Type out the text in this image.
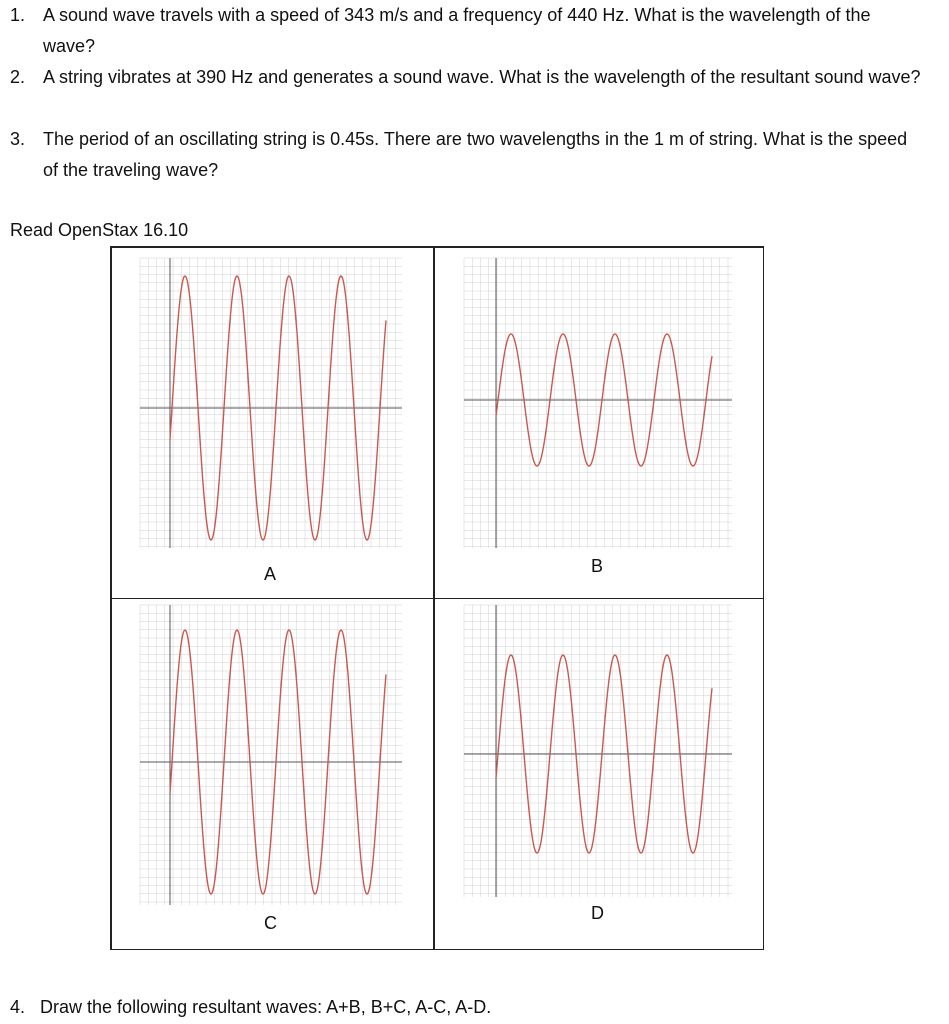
1. A sound wave travels with a speed of 343 m/s and a frequency of 440 Hz. What is the wavelength of the wave?
2. A string vibrates at 390 Hz and generates a sound wave. What is the wavelength of the resultant sound wave?
3. The period of an oscillating string is 0.45s. There are two wavelengths in the 1 m of string. What is the speed of the traveling wave?
Read OpenStax 16.10
A	B
C	D
4. Draw the following resultant waves: A+B, B+C, A-C, A-D.
